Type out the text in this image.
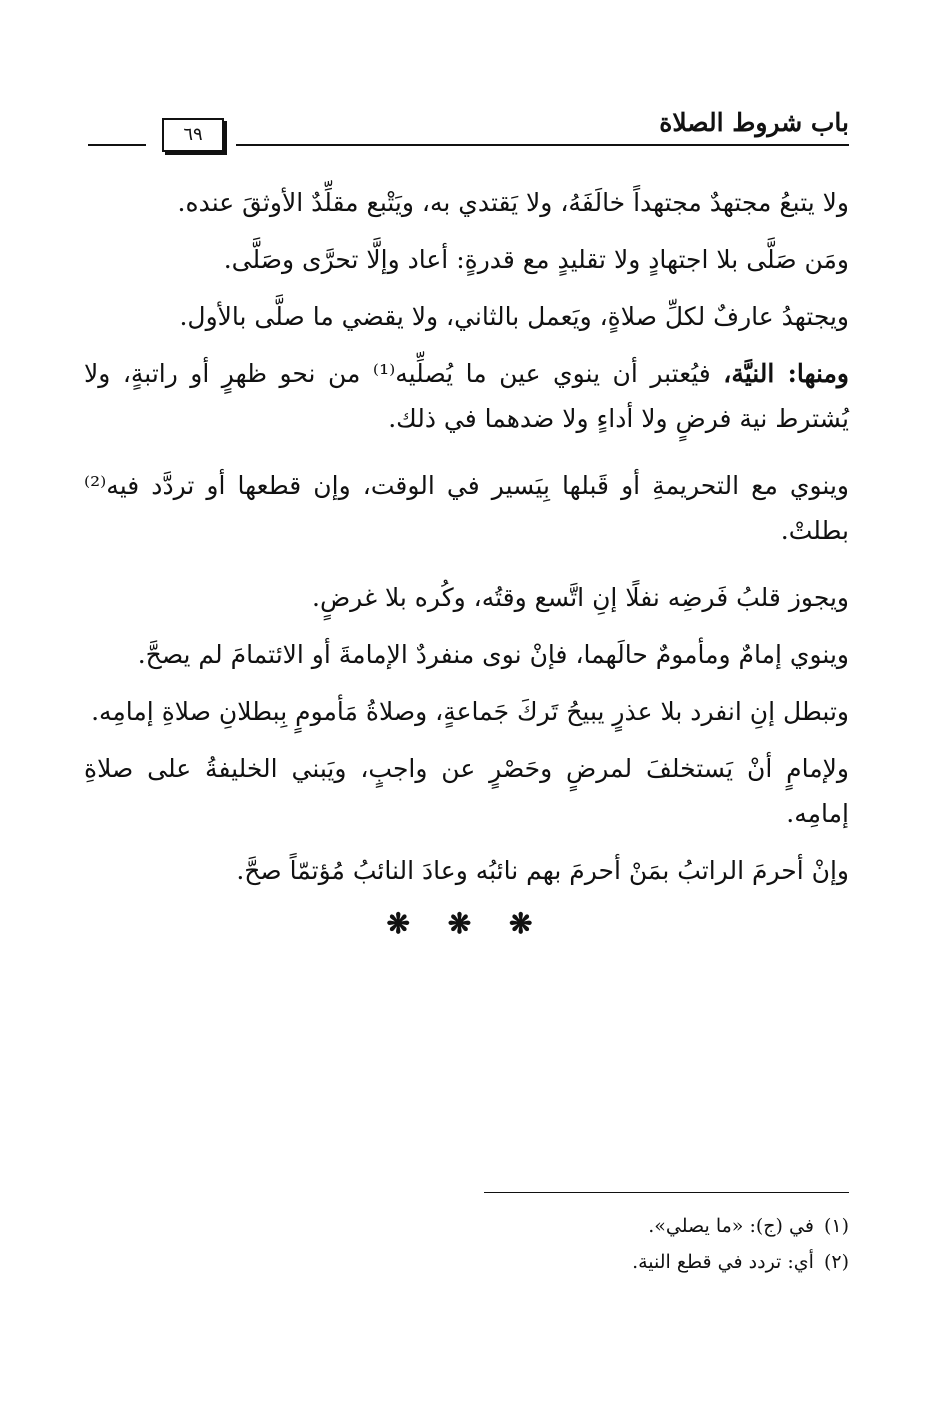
باب شروط الصلاة
٦٩

ولا يتبعُ مجتهدٌ مجتهداً خالَفَهُ، ولا يَقتدي به، ويَتْبع مقلِّدٌ الأوثقَ عنده.

ومَن صَلَّى بلا اجتهادٍ ولا تقليدٍ مع قدرةٍ: أعاد وإلَّا تحرَّى وصَلَّى.

ويجتهدُ عارفٌ لكلِّ صلاةٍ، ويَعمل بالثاني، ولا يقضي ما صلَّى بالأول.

ومنها: النيَّة، فيُعتبر أن ينوي عين ما يُصلِّيه⁽¹⁾ من نحو ظهرٍ أو راتبةٍ، ولا يُشترط نية فرضٍ ولا أداءٍ ولا ضدهما في ذلك.

وينوي مع التحريمةِ أو قَبلها بِيَسير في الوقت، وإن قطعها أو تردَّد فيه⁽²⁾ بطلتْ.

ويجوز قلبُ فَرضِه نفلًا إنِ اتَّسع وقتُه، وكُره بلا غرضٍ.

وينوي إمامٌ ومأمومٌ حالَهما، فإنْ نوى منفردٌ الإمامةَ أو الائتمامَ لم يصحَّ.

وتبطل إنِ انفرد بلا عذرٍ يبيحُ تَركَ جَماعةٍ، وصلاةُ مَأمومٍ بِبطلانِ صلاةِ إمامِه.

ولإمامٍ أنْ يَستخلفَ لمرضٍ وحَصْرٍ عن واجبٍ، ويَبني الخليفةُ على صلاةِ إمامِه.

وإنْ أحرمَ الراتبُ بمَنْ أحرمَ بهم نائبُه وعادَ النائبُ مُؤتمّاً صحَّ.

❋ ❋ ❋
(١)في (ج): «ما يصلي».
(٢)أي: تردد في قطع النية.
